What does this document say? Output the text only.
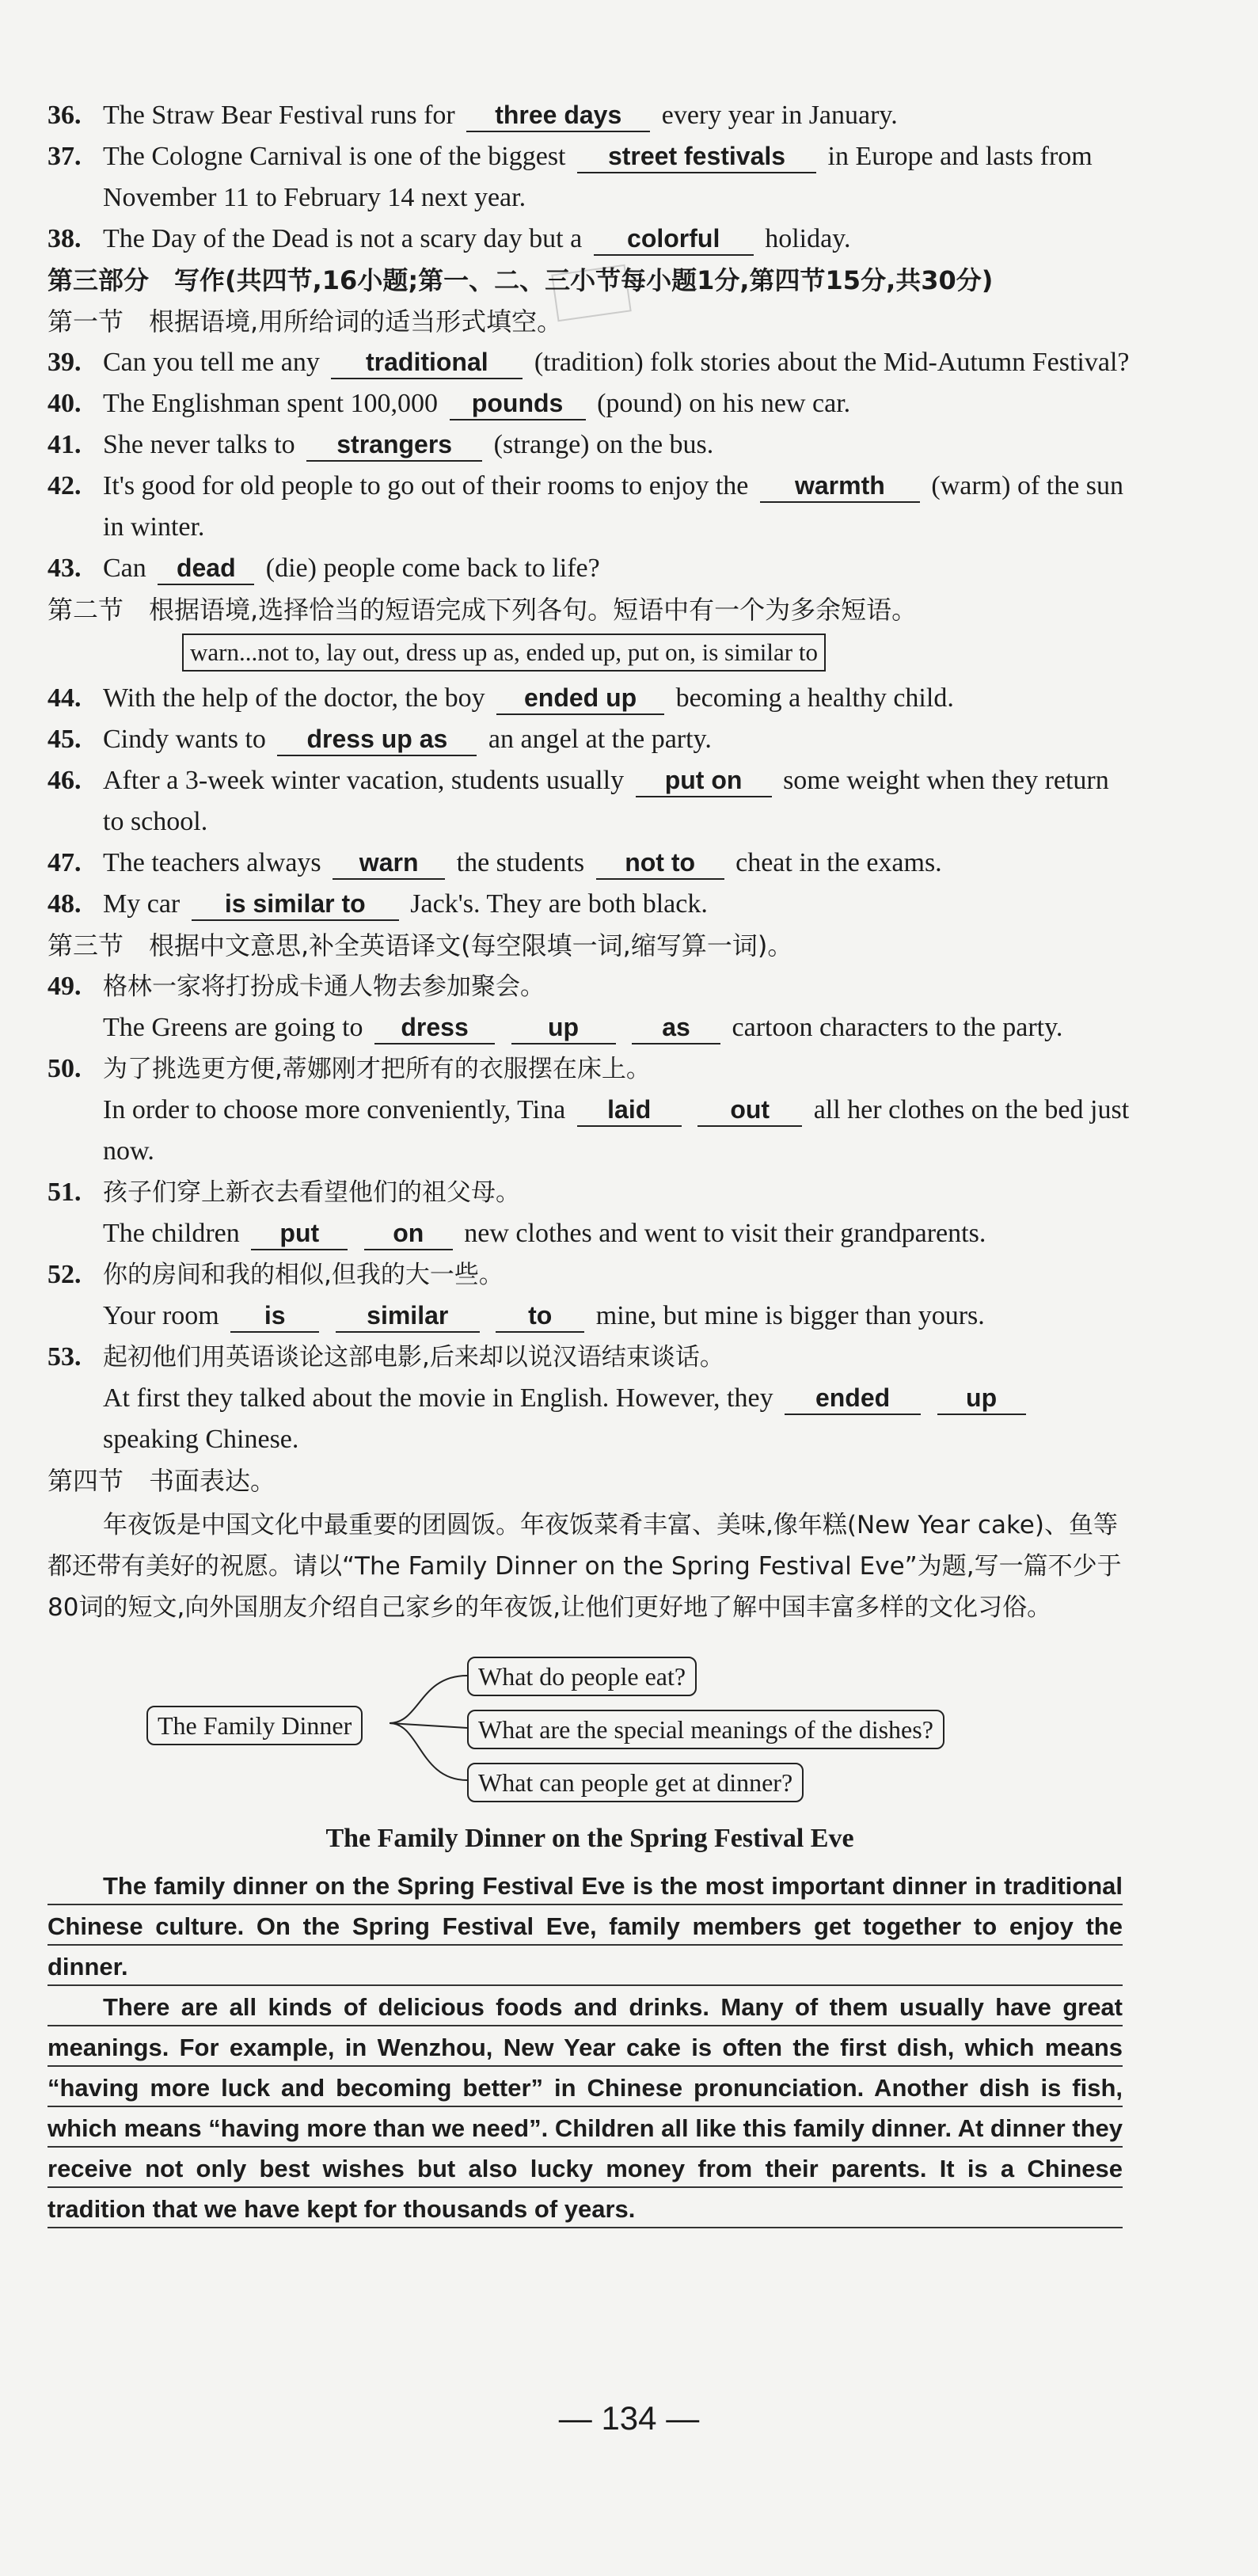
36. The Straw Bear Festival runs for three days every year in January.

37. The Cologne Carnival is one of the biggest street festivals in Europe and lasts from November 11 to February 14 next year.

38. The Day of the Dead is not a scary day but a colorful holiday.

第三部分　写作(共四节,16小题;第一、二、三小节每小题1分,第四节15分,共30分)

第一节　根据语境,用所给词的适当形式填空。

39. Can you tell me any traditional (tradition) folk stories about the Mid-Autumn Festival?

40. The Englishman spent 100,000 pounds (pound) on his new car.

41. She never talks to strangers (strange) on the bus.

42. It's good for old people to go out of their rooms to enjoy the warmth (warm) of the sun in winter.

43. Can dead (die) people come back to life?

第二节　根据语境,选择恰当的短语完成下列各句。短语中有一个为多余短语。

warn...not to, lay out, dress up as, ended up, put on, is similar to

44. With the help of the doctor, the boy ended up becoming a healthy child.

45. Cindy wants to dress up as an angel at the party.

46. After a 3-week winter vacation, students usually put on some weight when they return to school.

47. The teachers always warn the students not to cheat in the exams.

48. My car is similar to Jack's. They are both black.

第三节　根据中文意思,补全英语译文(每空限填一词,缩写算一词)。

49. 格林一家将打扮成卡通人物去参加聚会。

The Greens are going to dress	up	as cartoon characters to the party.

50. 为了挑选更方便,蒂娜刚才把所有的衣服摆在床上。

In order to choose more conveniently, Tina laid	out all her clothes on the bed just now.

51. 孩子们穿上新衣去看望他们的祖父母。

The children put	on new clothes and went to visit their grandparents.

52. 你的房间和我的相似,但我的大一些。

Your room is	similar	to mine, but mine is bigger than yours.

53. 起初他们用英语谈论这部电影,后来却以说汉语结束谈话。

At first they talked about the movie in English. However, they ended	up speaking Chinese.

第四节　书面表达。

年夜饭是中国文化中最重要的团圆饭。年夜饭菜肴丰富、美味,像年糕(New Year cake)、鱼等都还带有美好的祝愿。请以“The Family Dinner on the Spring Festival Eve”为题,写一篇不少于80词的短文,向外国朋友介绍自己家乡的年夜饭,让他们更好地了解中国丰富多样的文化习俗。

The Family Dinner
What do people eat?
What are the special meanings of the dishes?
What can people get at dinner?
The Family Dinner on the Spring Festival Eve

The family dinner on the Spring Festival Eve is the most important dinner in traditional Chinese culture. On the Spring Festival Eve, family members get together to enjoy the dinner.

There are all kinds of delicious foods and drinks. Many of them usually have great meanings. For example, in Wenzhou, New Year cake is often the first dish, which means “having more luck and becoming better” in Chinese pronunciation. Another dish is fish, which means “having more than we need”. Children all like this family dinner. At dinner they receive not only best wishes but also lucky money from their parents. It is a Chinese tradition that we have kept for thousands of years.

— 134 —
